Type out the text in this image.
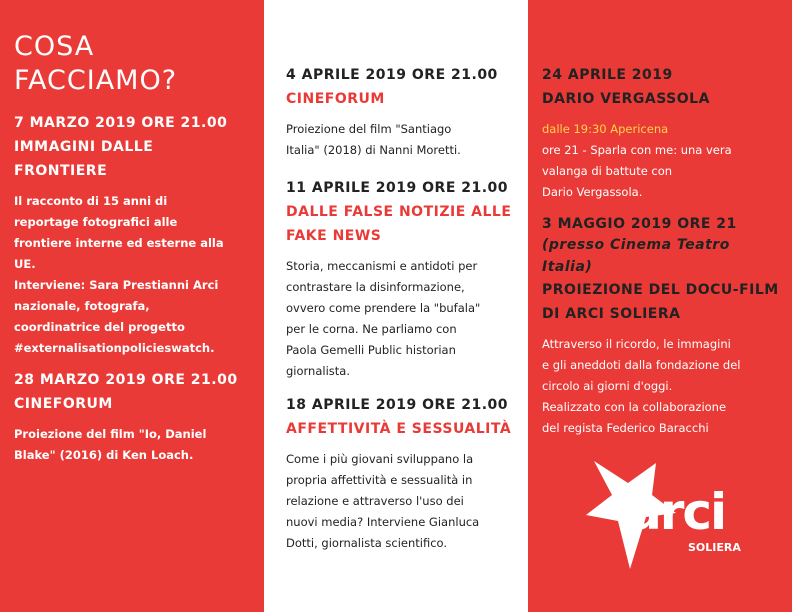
COSA
FACCIAMO?

7 MARZO 2019 ORE 21.00

IMMAGINI DALLE
FRONTIERE

Il racconto di 15 anni di
reportage fotografici alle
frontiere interne ed esterne alla
UE.
Interviene: Sara Prestianni Arci
nazionale, fotografa,
coordinatrice del progetto
#externalisationpolicieswatch.

28 MARZO 2019 ORE 21.00

CINEFORUM

Proiezione del film "Io, Daniel
Blake" (2016) di Ken Loach.

4 APRILE 2019 ORE 21.00

CINEFORUM

Proiezione del film "Santiago
Italia" (2018) di Nanni Moretti.

11 APRILE 2019 ORE 21.00

DALLE FALSE NOTIZIE ALLE
FAKE NEWS

Storia, meccanismi e antidoti per
contrastare la disinformazione,
ovvero come prendere la "bufala"
per le corna. Ne parliamo con
Paola Gemelli Public historian
giornalista.

18 APRILE 2019 ORE 21.00

AFFETTIVITÀ E SESSUALITÀ

Come i più giovani sviluppano la
propria affettività e sessualità in
relazione e attraverso l'uso dei
nuovi media? Interviene Gianluca
Dotti, giornalista scientifico.

24 APRILE 2019

DARIO VERGASSOLA

dalle 19:30 Apericena
ore 21 - Sparla con me: una vera
valanga di battute con
Dario Vergassola.

3 MAGGIO 2019 ORE 21

(presso Cinema Teatro Italia)

PROIEZIONE DEL DOCU-FILM
DI ARCI SOLIERA

Attraverso il ricordo, le immagini
e gli aneddoti dalla fondazione del
circolo ai giorni d'oggi.
Realizzato con la collaborazione
del regista Federico Baracchi

arci
SOLIERA
